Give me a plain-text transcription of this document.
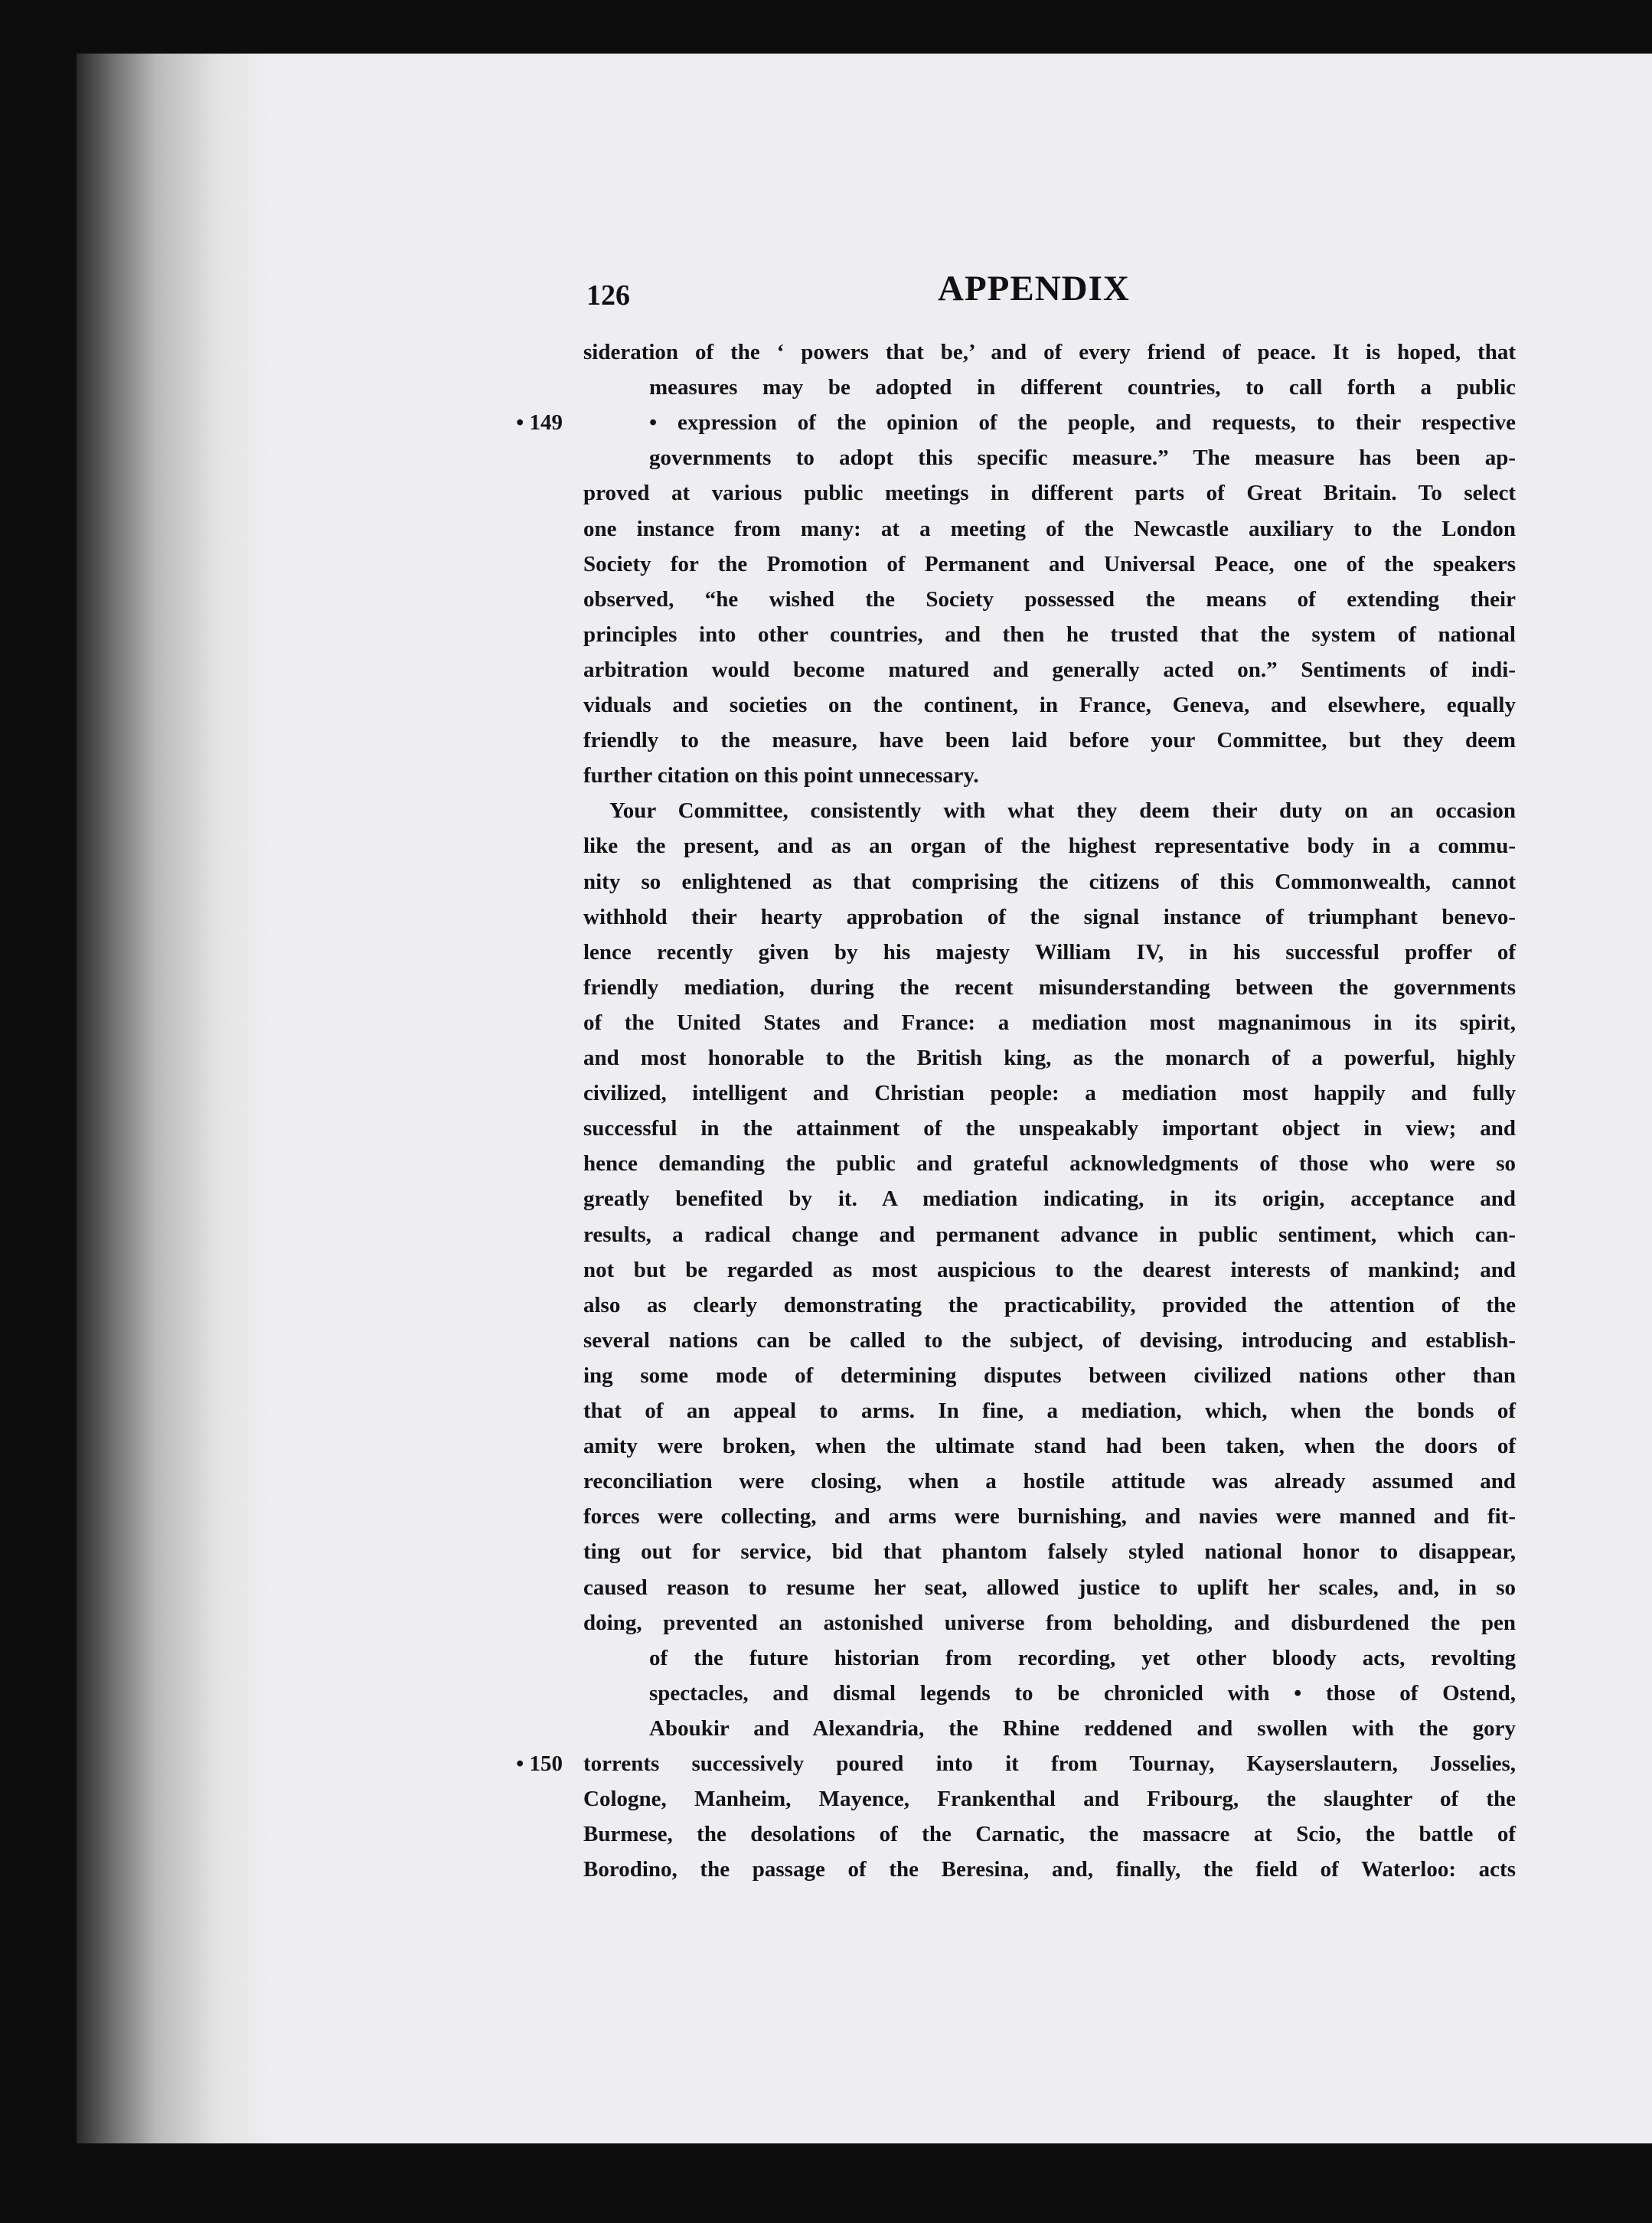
126	APPENDIX
sideration of the ‘ powers that be,’ and of every friend of peace. It is hoped, that
measures may be adopted in different countries, to call forth a public
• expression of the opinion of the people, and requests, to their respective
governments to adopt this specific measure.” The measure has been ap-
proved at various public meetings in different parts of Great Britain. To select
one instance from many: at a meeting of the Newcastle auxiliary to the London
Society for the Promotion of Permanent and Universal Peace, one of the speakers
observed, “he wished the Society possessed the means of extending their
principles into other countries, and then he trusted that the system of national
arbitration would become matured and generally acted on.” Sentiments of indi-
viduals and societies on the continent, in France, Geneva, and elsewhere, equally
friendly to the measure, have been laid before your Committee, but they deem
further citation on this point unnecessary.
Your Committee, consistently with what they deem their duty on an occasion
like the present, and as an organ of the highest representative body in a commu-
nity so enlightened as that comprising the citizens of this Commonwealth, cannot
withhold their hearty approbation of the signal instance of triumphant benevo-
lence recently given by his majesty William IV, in his successful proffer of
friendly mediation, during the recent misunderstanding between the governments
of the United States and France: a mediation most magnanimous in its spirit,
and most honorable to the British king, as the monarch of a powerful, highly
civilized, intelligent and Christian people: a mediation most happily and fully
successful in the attainment of the unspeakably important object in view; and
hence demanding the public and grateful acknowledgments of those who were so
greatly benefited by it. A mediation indicating, in its origin, acceptance and
results, a radical change and permanent advance in public sentiment, which can-
not but be regarded as most auspicious to the dearest interests of mankind; and
also as clearly demonstrating the practicability, provided the attention of the
several nations can be called to the subject, of devising, introducing and establish-
ing some mode of determining disputes between civilized nations other than
that of an appeal to arms. In fine, a mediation, which, when the bonds of
amity were broken, when the ultimate stand had been taken, when the doors of
reconciliation were closing, when a hostile attitude was already assumed and
forces were collecting, and arms were burnishing, and navies were manned and fit-
ting out for service, bid that phantom falsely styled national honor to disappear,
caused reason to resume her seat, allowed justice to uplift her scales, and, in so
doing, prevented an astonished universe from beholding, and disburdened the pen
of the future historian from recording, yet other bloody acts, revolting
spectacles, and dismal legends to be chronicled with • those of Ostend,
Aboukir and Alexandria, the Rhine reddened and swollen with the gory
torrents successively poured into it from Tournay, Kayserslautern, Josselies,
Cologne, Manheim, Mayence, Frankenthal and Fribourg, the slaughter of the
Burmese, the desolations of the Carnatic, the massacre at Scio, the battle of
Borodino, the passage of the Beresina, and, finally, the field of Waterloo: acts
• 149
• 150
